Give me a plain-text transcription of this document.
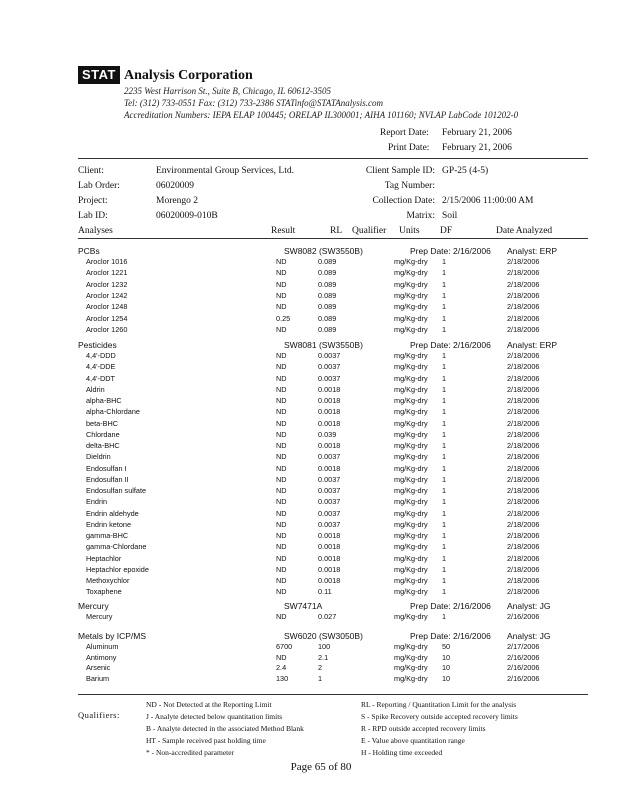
STAT Analysis Corporation
2235 West Harrison St., Suite B, Chicago, IL 60612-3505
Tel: (312) 733-0551 Fax: (312) 733-2386 STATinfo@STATAnalysis.com
Accreditation Numbers: IEPA ELAP 100445; ORELAP IL300001; AIHA 101160; NVLAP LabCode 101202-0
Report Date: February 21, 2006
Print Date: February 21, 2006
Client:	Environmental Group Services, Ltd.
Lab Order:	06020009
Project:	Morengo 2
Lab ID:	06020009-010B
Client Sample ID: GP-25 (4-5)
Tag Number:
Collection Date: 2/15/2006 11:00:00 AM
Matrix: Soil
Analyses	Result	RL Qualifier Units DF	Date Analyzed
PCBs	SW8082 (SW3550B)	Prep Date: 2/16/2006 Analyst: ERP
Aroclor 1016	ND	0.089	mg/Kg-dry 1	2/18/2006
Aroclor 1221	ND	0.089	mg/Kg-dry 1	2/18/2006
Aroclor 1232	ND	0.089	mg/Kg-dry 1	2/18/2006
Aroclor 1242	ND	0.089	mg/Kg-dry 1	2/18/2006
Aroclor 1248	ND	0.089	mg/Kg-dry 1	2/18/2006
Aroclor 1254	0.25	0.089	mg/Kg-dry 1	2/18/2006
Aroclor 1260	ND	0.089	mg/Kg-dry 1	2/18/2006
Pesticides	SW8081 (SW3550B)	Prep Date: 2/16/2006 Analyst: ERP
4,4'-DDD	ND	0.0037	mg/Kg-dry 1	2/18/2006
4,4'-DDE	ND	0.0037	mg/Kg-dry 1	2/18/2006
4,4'-DDT	ND	0.0037	mg/Kg-dry 1	2/18/2006
Aldrin	ND	0.0018	mg/Kg-dry 1	2/18/2006
alpha-BHC	ND	0.0018	mg/Kg-dry 1	2/18/2006
alpha-Chlordane	ND	0.0018	mg/Kg-dry 1	2/18/2006
beta-BHC	ND	0.0018	mg/Kg-dry 1	2/18/2006
Chlordane	ND	0.039	mg/Kg-dry 1	2/18/2006
delta-BHC	ND	0.0018	mg/Kg-dry 1	2/18/2006
Dieldrin	ND	0.0037	mg/Kg-dry 1	2/18/2006
Endosulfan I	ND	0.0018	mg/Kg-dry 1	2/18/2006
Endosulfan II	ND	0.0037	mg/Kg-dry 1	2/18/2006
Endosulfan sulfate	ND	0.0037	mg/Kg-dry 1	2/18/2006
Endrin	ND	0.0037	mg/Kg-dry 1	2/18/2006
Endrin aldehyde	ND	0.0037	mg/Kg-dry 1	2/18/2006
Endrin ketone	ND	0.0037	mg/Kg-dry 1	2/18/2006
gamma-BHC	ND	0.0018	mg/Kg-dry 1	2/18/2006
gamma-Chlordane	ND	0.0018	mg/Kg-dry 1	2/18/2006
Heptachlor	ND	0.0018	mg/Kg-dry 1	2/18/2006
Heptachlor epoxide	ND	0.0018	mg/Kg-dry 1	2/18/2006
Methoxychlor	ND	0.0018	mg/Kg-dry 1	2/18/2006
Toxaphene	ND	0.11	mg/Kg-dry 1	2/18/2006
Mercury	SW7471A	Prep Date: 2/16/2006 Analyst: JG
Mercury	ND	0.027	mg/Kg-dry 1	2/16/2006
Metals by ICP/MS	SW6020 (SW3050B)	Prep Date: 2/16/2006 Analyst: JG
Aluminum	6700	100	mg/Kg-dry 50	2/17/2006
Antimony	ND	2.1	mg/Kg-dry 10	2/16/2006
Arsenic	2.4	2	mg/Kg-dry 10	2/16/2006
Barium	130	1	mg/Kg-dry 10	2/16/2006
Qualifiers:
ND - Not Detected at the Reporting Limit
J - Analyte detected below quantitation limits
B - Analyte detected in the associated Method Blank
HT - Sample received past holding time
* - Non-accredited parameter
RL - Reporting / Quantitation Limit for the analysis
S - Spike Recovery outside accepted recovery limits
R - RPD outside accepted recovery limits
E - Value above quantitation range
H - Holding time exceeded
Page 65 of 80
